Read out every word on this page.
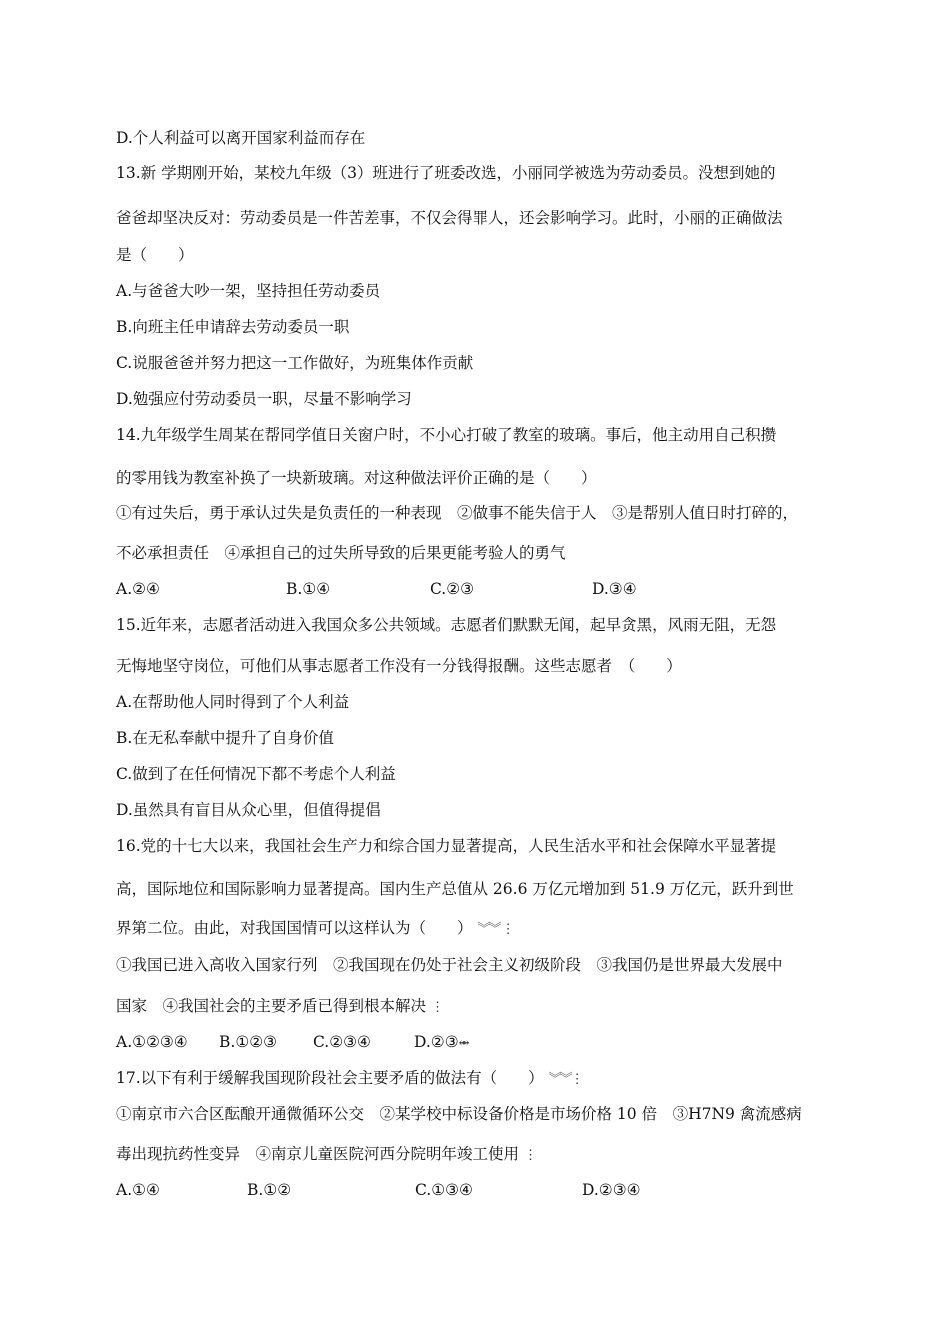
D.个人利益可以离开国家利益而存在
13.新 学期刚开始，某校九年级（3）班进行了班委改选，小丽同学被选为劳动委员。没想到她的
爸爸却坚决反对：劳动委员是一件苦差事，不仅会得罪人，还会影响学习。此时，小丽的正确做法
是（　　）
A.与爸爸大吵一架，坚持担任劳动委员
B.向班主任申请辞去劳动委员一职
C.说服爸爸并努力把这一工作做好，为班集体作贡献
D.勉强应付劳动委员一职，尽量不影响学习
14.九年级学生周某在帮同学值日关窗户时，不小心打破了教室的玻璃。事后，他主动用自己积攒
的零用钱为教室补换了一块新玻璃。对这种做法评价正确的是（　　）
①有过失后，勇于承认过失是负责任的一种表现　②做事不能失信于人　③是帮别人值日时打碎的，
不必承担责任　④承担自己的过失所导致的后果更能考验人的勇气
A.②④	B.①④	C.②③	D.③④
15.近年来，志愿者活动进入我国众多公共领域。志愿者们默默无闻，起早贪黑，风雨无阻，无怨
无悔地坚守岗位，可他们从事志愿者工作没有一分钱得报酬。这些志愿者　（　　）
A.在帮助他人同时得到了个人利益
B.在无私奉献中提升了自身价值
C.做到了在任何情况下都不考虑个人利益
D.虽然具有盲目从众心里，但值得提倡
16.党的十七大以来，我国社会生产力和综合国力显著提高，人民生活水平和社会保障水平显著提
高，国际地位和国际影响力显著提高。国内生产总值从 26.6 万亿元增加到 51.9 万亿元，跃升到世
界第二位。由此，对我国国情可以这样认为（　　） ︾︾ ⋮
①我国已进入高收入国家行列　②我国现在仍处于社会主义初级阶段　③我国仍是世界最大发展中
国家　④我国社会的主要矛盾已得到根本解决 ⋮
A.①②③④ B.①②③ C.②③④	D.②③⥈
17.以下有利于缓解我国现阶段社会主要矛盾的做法有（　　） ︾︾⋮
①南京市六合区酝酿开通微循环公交　②某学校中标设备价格是市场价格 10 倍　③H7N9 禽流感病
毒出现抗药性变异　④南京儿童医院河西分院明年竣工使用 ⋮
A.①④	B.①②	C.①③④	D.②③④
